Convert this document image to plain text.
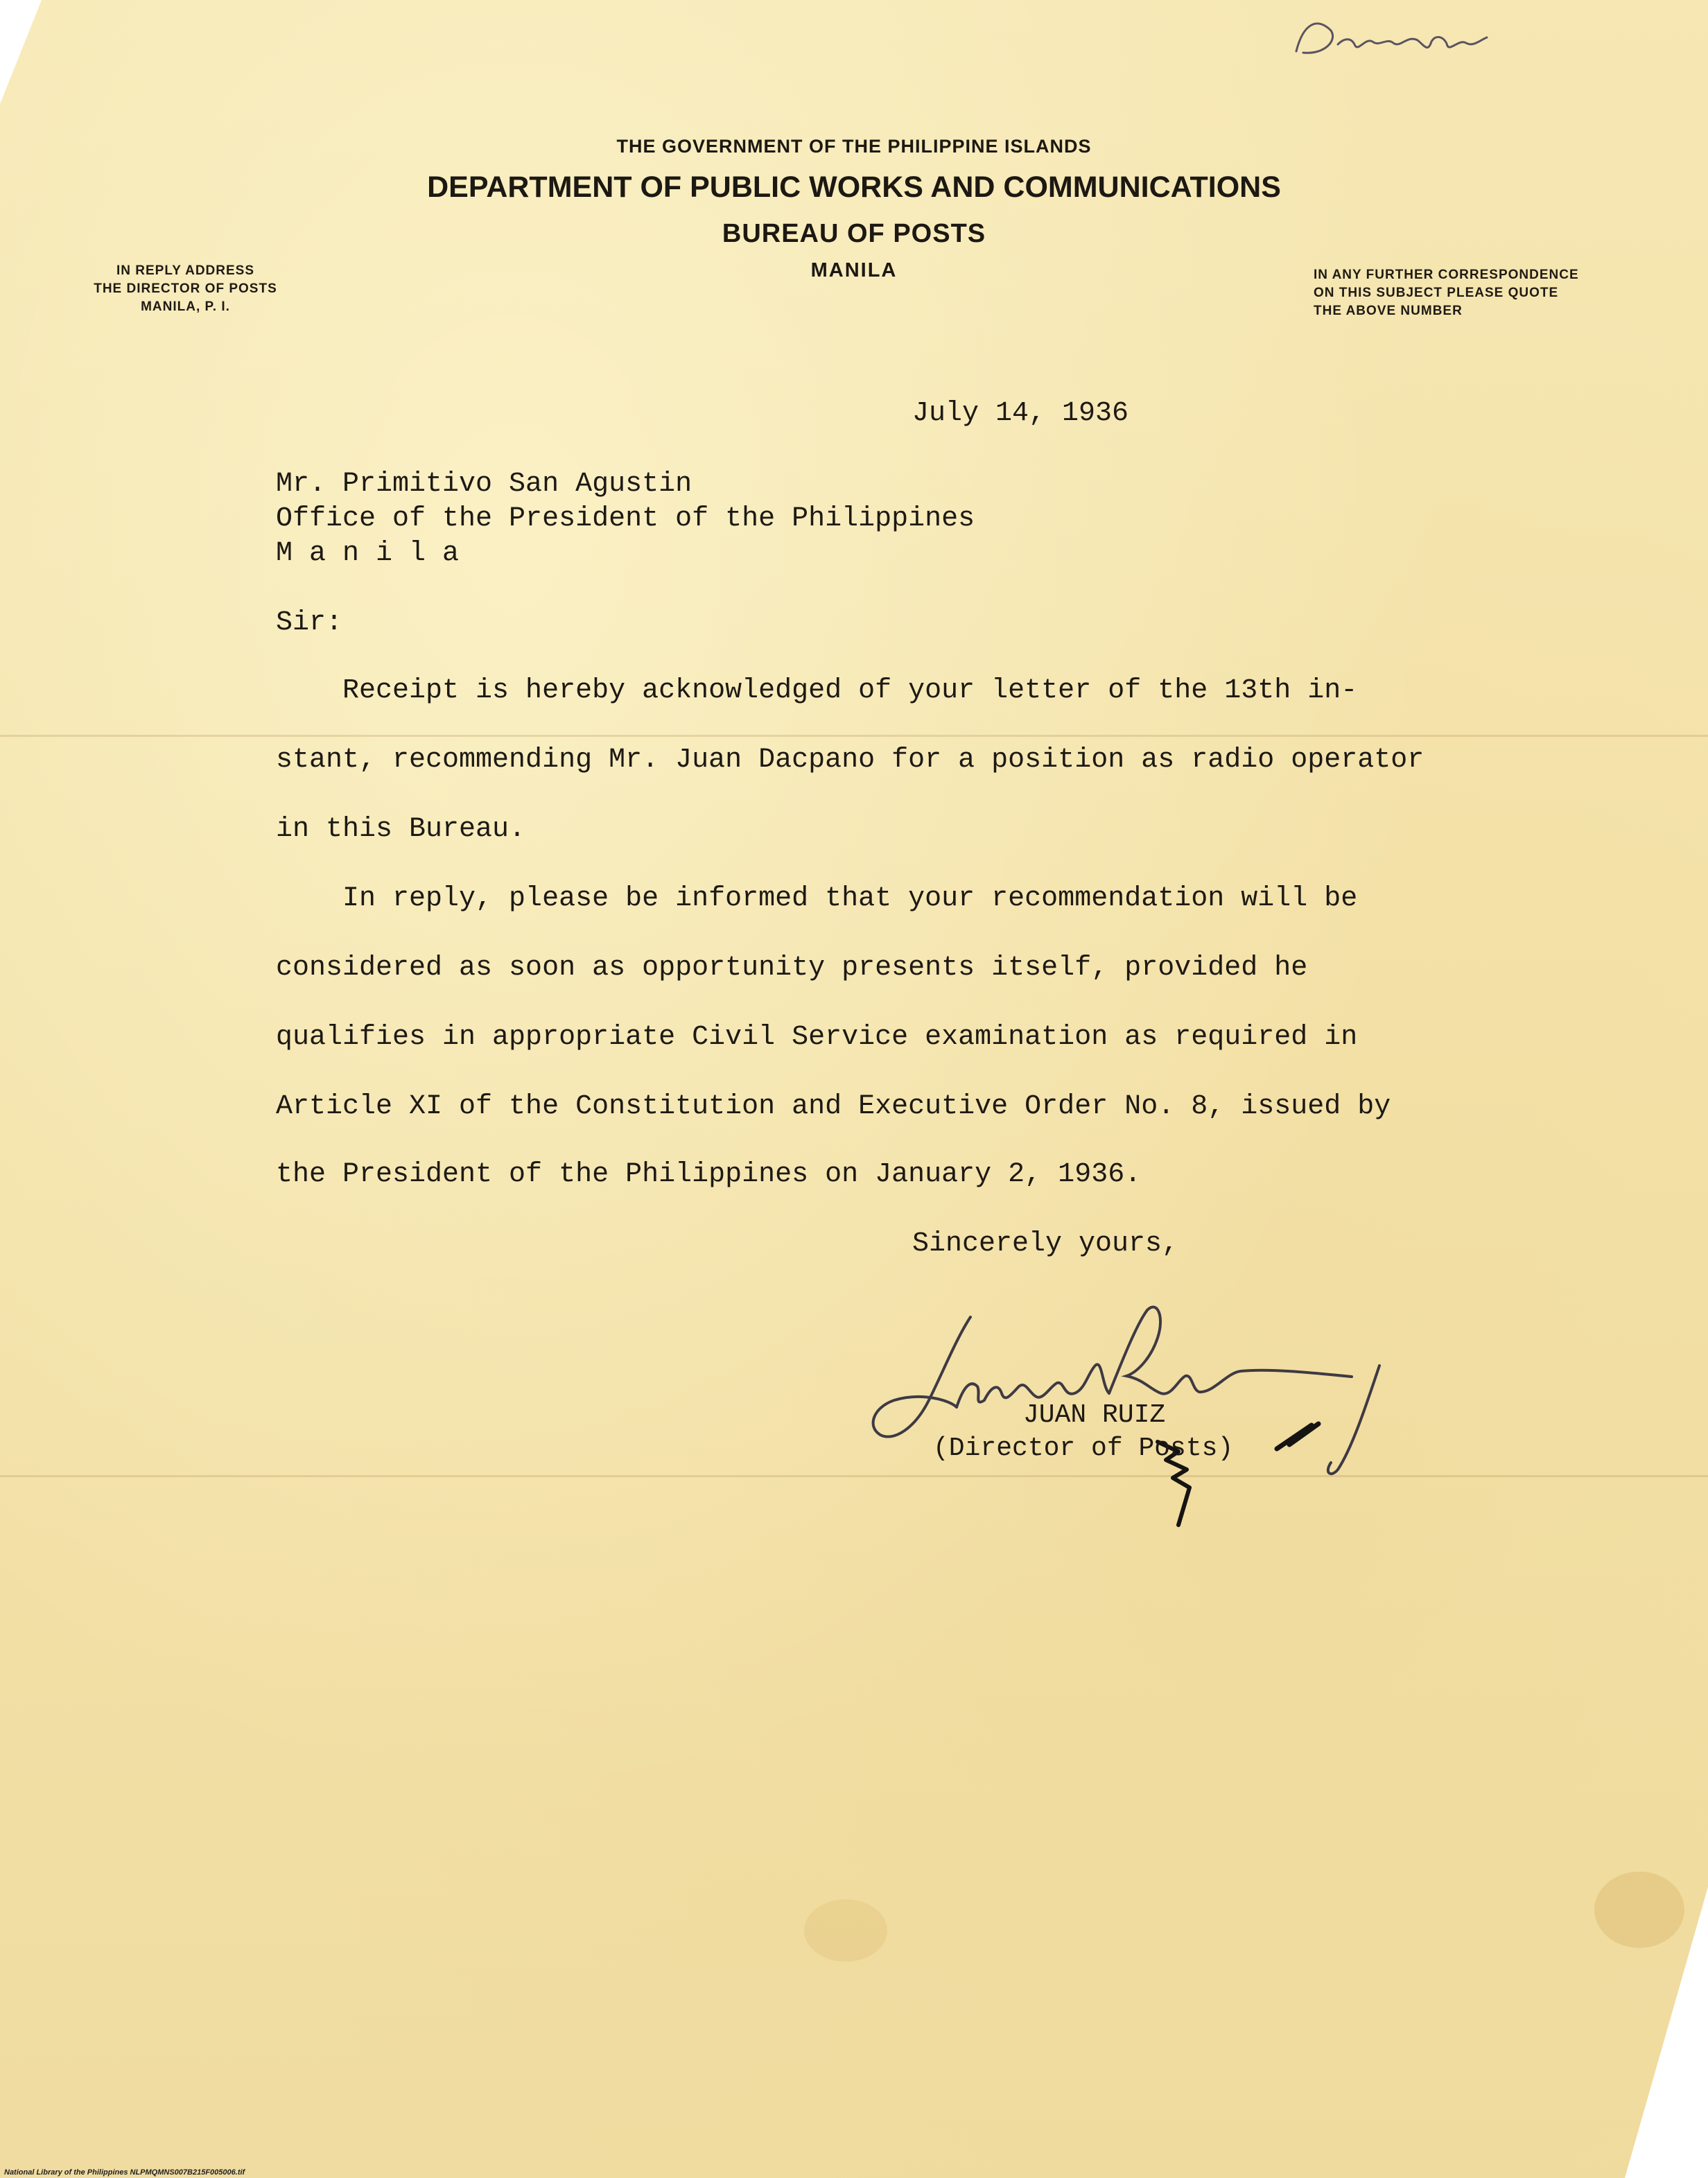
THE GOVERNMENT OF THE PHILIPPINE ISLANDS
DEPARTMENT OF PUBLIC WORKS AND COMMUNICATIONS
BUREAU OF POSTS
MANILA
IN REPLY ADDRESS
THE DIRECTOR OF POSTS
MANILA, P. I.
IN ANY FURTHER CORRESPONDENCE
ON THIS SUBJECT PLEASE QUOTE
THE ABOVE NUMBER
July 14, 1936
Mr. Primitivo San Agustin
Office of the President of the Philippines
M a n i l a
Sir:
Receipt is hereby acknowledged of your letter of the 13th in-
stant, recommending Mr. Juan Dacpano for a position as radio operator
in this Bureau.
In reply, please be informed that your recommendation will be
considered as soon as opportunity presents itself, provided he
qualifies in appropriate Civil Service examination as required in
Article XI of the Constitution and Executive Order No. 8, issued by
the President of the Philippines on January 2, 1936.
Sincerely yours,
JUAN RUIZ
(Director of Posts)
National Library of the Philippines NLPMQMNS007B215F005006.tif
